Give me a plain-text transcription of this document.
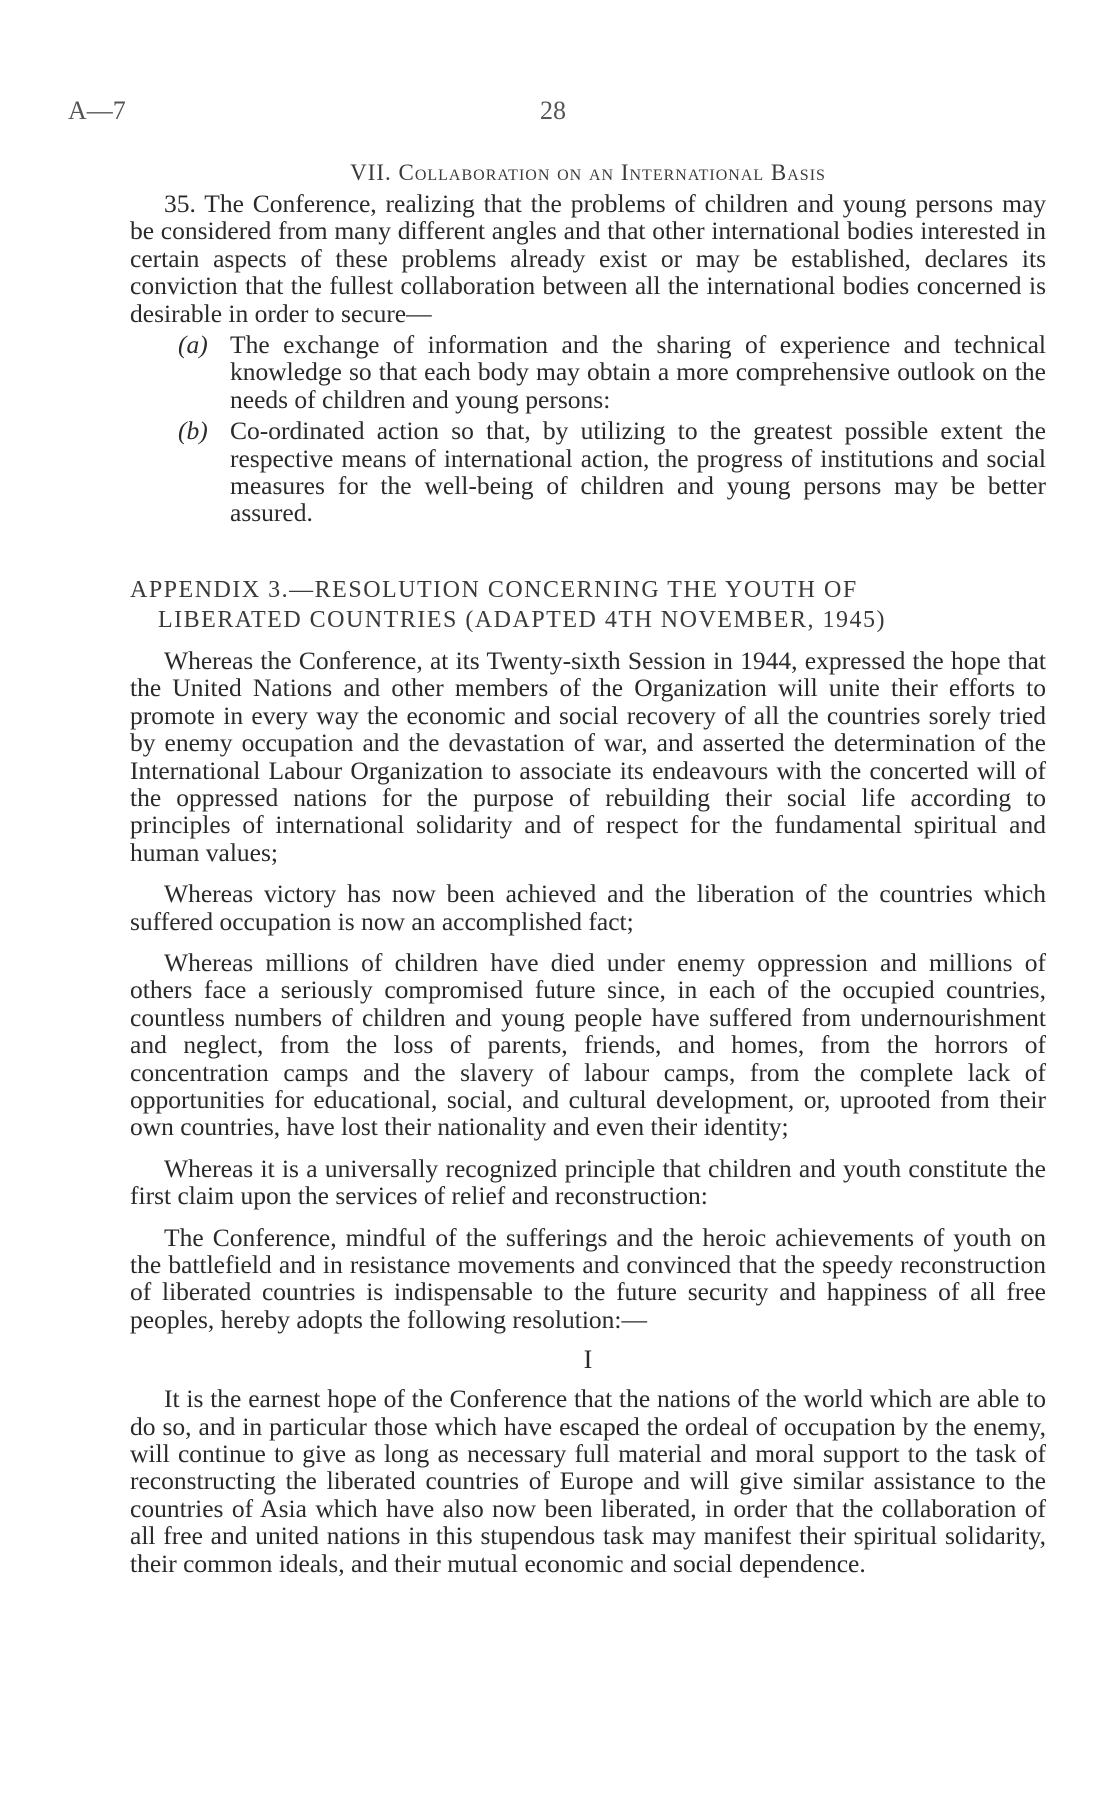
A—7	28
VII. Collaboration on an International Basis

35. The Conference, realizing that the problems of children and young persons may be considered from many different angles and that other international bodies interested in certain aspects of these problems already exist or may be established, declares its conviction that the fullest collaboration between all the international bodies concerned is desirable in order to secure—

(a) The exchange of information and the sharing of experience and technical knowledge so that each body may obtain a more comprehensive outlook on the needs of children and young persons:

(b) Co-ordinated action so that, by utilizing to the greatest possible extent the respective means of international action, the progress of institutions and social measures for the well-being of children and young persons may be better assured.

APPENDIX 3.—RESOLUTION CONCERNING THE YOUTH OF
LIBERATED COUNTRIES (ADAPTED 4TH NOVEMBER, 1945)

Whereas the Conference, at its Twenty-sixth Session in 1944, expressed the hope that the United Nations and other members of the Organization will unite their efforts to promote in every way the economic and social recovery of all the countries sorely tried by enemy occupation and the devastation of war, and asserted the determination of the International Labour Organization to associate its endeavours with the concerted will of the oppressed nations for the purpose of rebuilding their social life according to principles of international solidarity and of respect for the fundamental spiritual and human values;

Whereas victory has now been achieved and the liberation of the countries which suffered occupation is now an accomplished fact;

Whereas millions of children have died under enemy oppression and millions of others face a seriously compromised future since, in each of the occupied countries, countless numbers of children and young people have suffered from undernourishment and neglect, from the loss of parents, friends, and homes, from the horrors of concentration camps and the slavery of labour camps, from the complete lack of opportunities for educational, social, and cultural development, or, uprooted from their own countries, have lost their nationality and even their identity;

Whereas it is a universally recognized principle that children and youth constitute the first claim upon the services of relief and reconstruction:

The Conference, mindful of the sufferings and the heroic achievements of youth on the battlefield and in resistance movements and convinced that the speedy reconstruction of liberated countries is indispensable to the future security and happiness of all free peoples, hereby adopts the following resolution:—

I

It is the earnest hope of the Conference that the nations of the world which are able to do so, and in particular those which have escaped the ordeal of occupation by the enemy, will continue to give as long as necessary full material and moral support to the task of reconstructing the liberated countries of Europe and will give similar assistance to the countries of Asia which have also now been liberated, in order that the collaboration of all free and united nations in this stupendous task may manifest their spiritual solidarity, their common ideals, and their mutual economic and social dependence.
